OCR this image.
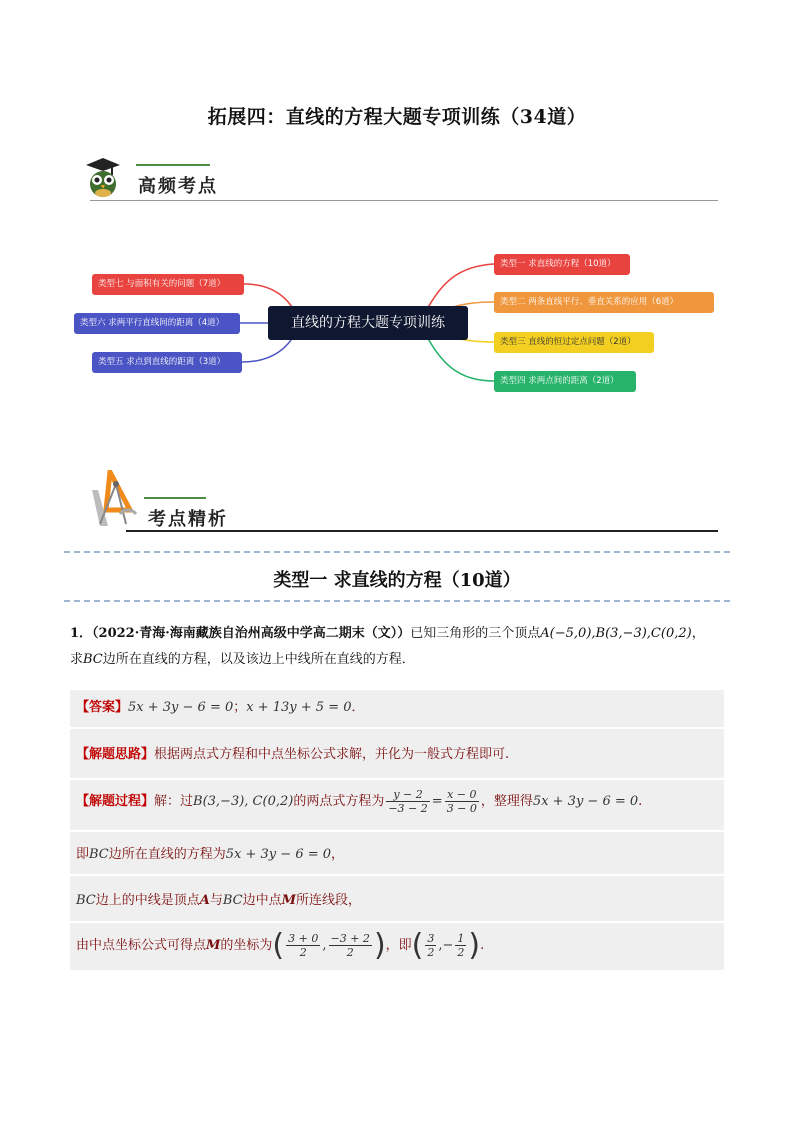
拓展四：直线的方程大题专项训练（34道）
高频考点
直线的方程大题专项训练
类型一 求直线的方程（10道）
类型二 两条直线平行、垂直关系的应用（6道）
类型三 直线的恒过定点问题（2道）
类型四 求两点间的距离（2道）
类型七 与面积有关的问题（7道）
类型六 求两平行直线间的距离（4道）
类型五 求点到直线的距离（3道）
考点精析
类型一 求直线的方程（10道）
1．（2022·青海·海南藏族自治州高级中学高二期末（文））已知三角形的三个顶点A(−5,0),B(3,−3),C(0,2)，
求BC边所在直线的方程，以及该边上中线所在直线的方程．
【答案】5x + 3y − 6 = 0；x + 13y + 5 = 0．
【解题思路】根据两点式方程和中点坐标公式求解，并化为一般式方程即可.
【解题过程】解：过B(3,−3), C(0,2)的两点式方程为 $\frac{y - 2}{-3 - 2} = \frac{x - 0}{3 - 0}$ ，整理得5x + 3y − 6 = 0.
即BC边所在直线的方程为5x + 3y − 6 = 0，
BC边上的中线是顶点A与BC边中点M所连线段，
由中点坐标公式可得点M的坐标为( $\frac{3 + 0}{2}$ , $\frac{-3 + 2}{2}$ )，即( $\frac{3}{2}$ ,− $\frac{1}{2}$ ).
